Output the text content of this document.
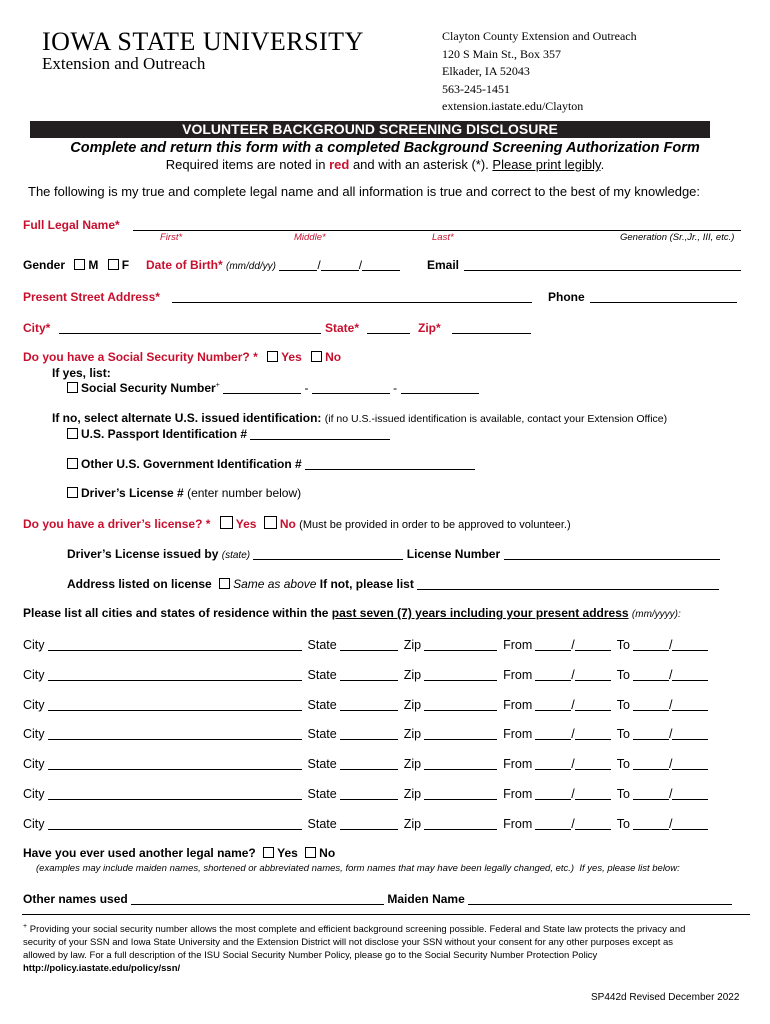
IOWA STATE UNIVERSITY
Extension and Outreach
Clayton County Extension and Outreach
120 S Main St., Box 357
Elkader, IA 52043
563-245-1451
extension.iastate.edu/Clayton
VOLUNTEER BACKGROUND SCREENING DISCLOSURE
Complete and return this form with a completed Background Screening Authorization Form
Required items are noted in red and with an asterisk (*). Please print legibly.
The following is my true and complete legal name and all information is true and correct to the best of my knowledge:
Full Legal Name*
First*	Middle*	Last*	Generation (Sr.,Jr., III, etc.)
Gender M F Date of Birth* (mm/dd/yy)	/	/	Email
Present Street Address*	Phone
City*	State*	Zip*
Do you have a Social Security Number? * Yes No
If yes, list:
Social Security Number+	-	-
If no, select alternate U.S. issued identification: (if no U.S.-issued identification is available, contact your Extension Office)
U.S. Passport Identification #
Other U.S. Government Identification #
Driver’s License # (enter number below)
Do you have a driver’s license? * Yes No (Must be provided in order to be approved to volunteer.)
Driver’s License issued by (state)	License Number
Address listed on license Same as above If not, please list
Please list all cities and states of residence within the past seven (7) years including your present address (mm/yyyy):
City	State	Zip	From	/	To	/
City	State	Zip	From	/	To	/
City	State	Zip	From	/	To	/
City	State	Zip	From	/	To	/
City	State	Zip	From	/	To	/
City	State	Zip	From	/	To	/
City	State	Zip	From	/	To	/
Have you ever used another legal name? Yes No
(examples may include maiden names, shortened or abbreviated names, form names that may have been legally changed, etc.) If yes, please list below:
Other names used	Maiden Name
+ Providing your social security number allows the most complete and efficient background screening possible. Federal and State law protects the privacy and
security of your SSN and Iowa State University and the Extension District will not disclose your SSN without your consent for any other purposes except as
allowed by law. For a full description of the ISU Social Security Number Policy, please go to the Social Security Number Protection Policy
http://policy.iastate.edu/policy/ssn/
SP442d Revised December 2022
